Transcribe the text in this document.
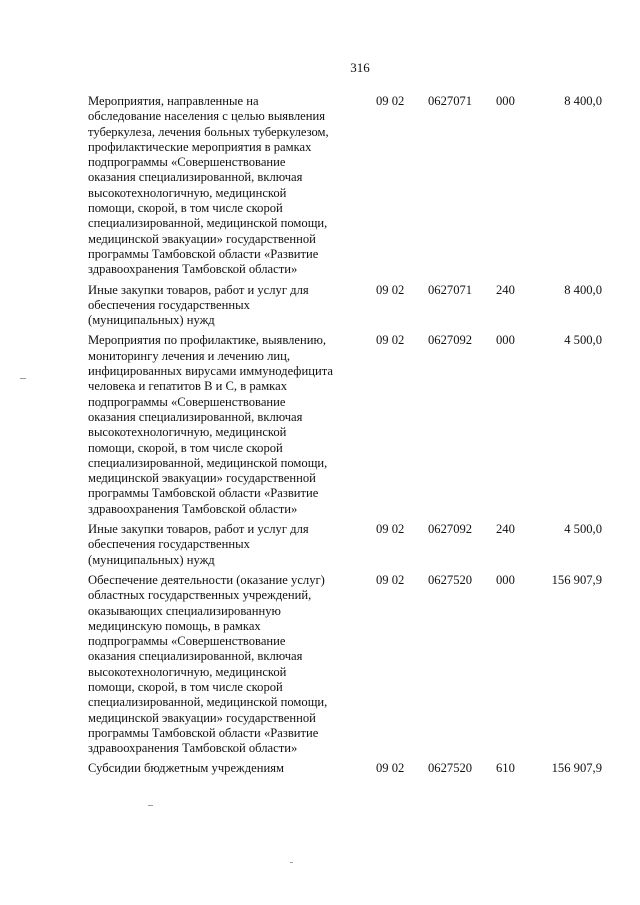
316
Мероприятия, направленные на
обследование населения с целью выявления
туберкулеза, лечения больных туберкулезом,
профилактические мероприятия в рамках
подпрограммы «Совершенствование
оказания специализированной, включая
высокотехнологичную, медицинской
помощи, скорой, в том числе скорой
специализированной, медицинской помощи,
медицинской эвакуации» государственной
программы Тамбовской области «Развитие
здравоохранения Тамбовской области»
09 02	0627071	000	8 400,0
Иные закупки товаров, работ и услуг для
обеспечения государственных
(муниципальных) нужд
09 02	0627071	240	8 400,0
Мероприятия по профилактике, выявлению,
мониторингу лечения и лечению лиц,
инфицированных вирусами иммунодефицита
человека и гепатитов В и С, в рамках
подпрограммы «Совершенствование
оказания специализированной, включая
высокотехнологичную, медицинской
помощи, скорой, в том числе скорой
специализированной, медицинской помощи,
медицинской эвакуации» государственной
программы Тамбовской области «Развитие
здравоохранения Тамбовской области»
09 02	0627092	000	4 500,0
Иные закупки товаров, работ и услуг для
обеспечения государственных
(муниципальных) нужд
09 02	0627092	240	4 500,0
Обеспечение деятельности (оказание услуг)
областных государственных учреждений,
оказывающих специализированную
медицинскую помощь, в рамках
подпрограммы «Совершенствование
оказания специализированной, включая
высокотехнологичную, медицинской
помощи, скорой, в том числе скорой
специализированной, медицинской помощи,
медицинской эвакуации» государственной
программы Тамбовской области «Развитие
здравоохранения Тамбовской области»
09 02	0627520	000	156 907,9
Субсидии бюджетным учреждениям	09 02	0627520	610	156 907,9
